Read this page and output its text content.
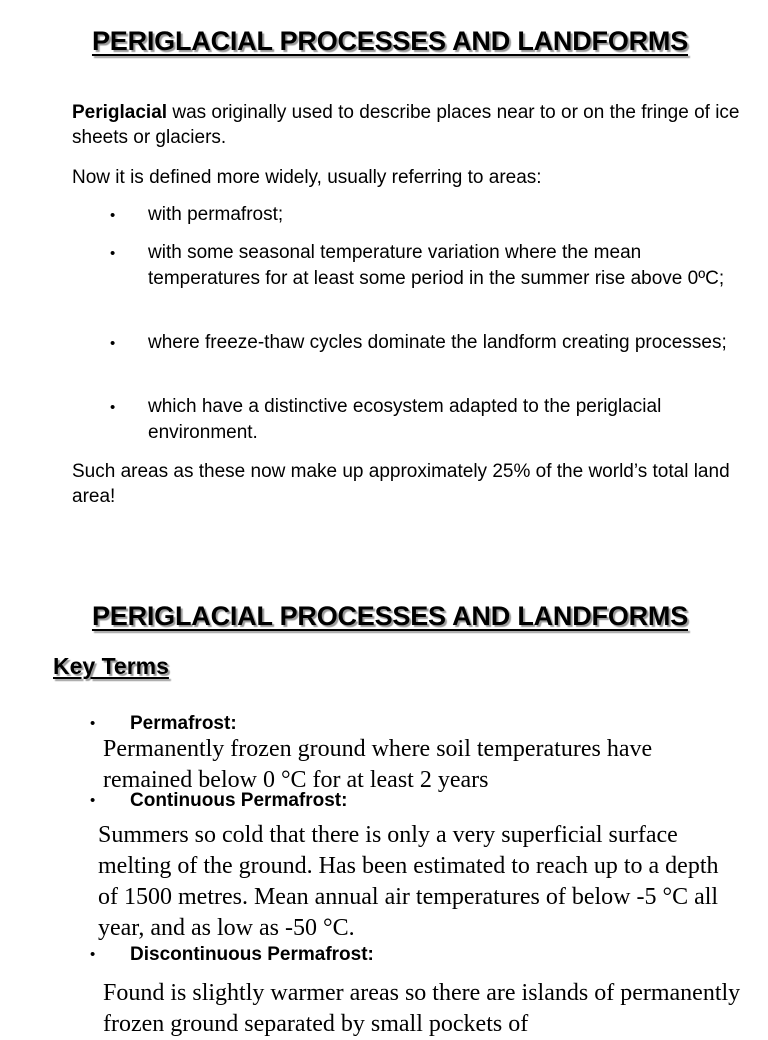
PERIGLACIAL PROCESSES AND LANDFORMS
Periglacial was originally used to describe places near to or on the fringe of ice sheets or glaciers.
Now it is defined more widely, usually referring to areas:
• with permafrost;
• with some seasonal temperature variation where the mean temperatures for at least some period in the summer rise above 0ºC;
• where freeze-thaw cycles dominate the landform creating processes;
• which have a distinctive ecosystem adapted to the periglacial environment.
Such areas as these now make up approximately 25% of the world’s total land area!
PERIGLACIAL PROCESSES AND LANDFORMS
Key Terms
• Permafrost:
Permanently frozen ground where soil temperatures have remained below 0 °C for at least 2 years
• Continuous Permafrost:
Summers so cold that there is only a very superficial surface melting of the ground. Has been estimated to reach up to a depth of 1500 metres. Mean annual air temperatures of below -5 °C all year, and as low as -50 °C.
• Discontinuous Permafrost:
Found is slightly warmer areas so there are islands of permanently frozen ground separated by small pockets of
